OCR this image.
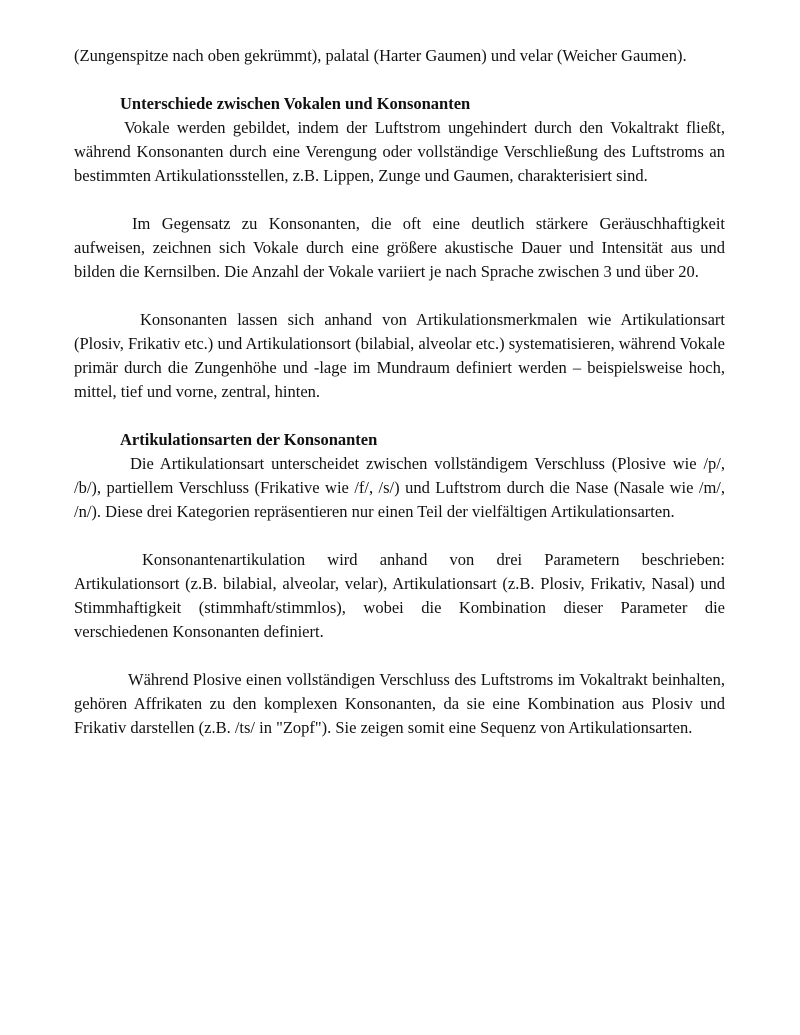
(Zungenspitze nach oben gekrümmt), palatal (Harter Gaumen) und velar (Weicher Gaumen).

Unterschiede zwischen Vokalen und Konsonanten

Vokale werden gebildet, indem der Luftstrom ungehindert durch den Vokaltrakt fließt, während Konsonanten durch eine Verengung oder vollständige Verschließung des Luftstroms an bestimmten Artikulationsstellen, z.B. Lippen, Zunge und Gaumen, charakterisiert sind.

Im Gegensatz zu Konsonanten, die oft eine deutlich stärkere Geräuschhaftigkeit aufweisen, zeichnen sich Vokale durch eine größere akustische Dauer und Intensität aus und bilden die Kernsilben. Die Anzahl der Vokale variiert je nach Sprache zwischen 3 und über 20.

Konsonanten lassen sich anhand von Artikulationsmerkmalen wie Artikulationsart (Plosiv, Frikativ etc.) und Artikulationsort (bilabial, alveolar etc.) systematisieren, während Vokale primär durch die Zungenhöhe und -lage im Mundraum definiert werden – beispielsweise hoch, mittel, tief und vorne, zentral, hinten.

Artikulationsarten der Konsonanten

Die Artikulationsart unterscheidet zwischen vollständigem Verschluss (Plosive wie /p/, /b/), partiellem Verschluss (Frikative wie /f/, /s/) und Luftstrom durch die Nase (Nasale wie /m/, /n/). Diese drei Kategorien repräsentieren nur einen Teil der vielfältigen Artikulationsarten.

Konsonantenartikulation wird anhand von drei Parametern beschrieben: Artikulationsort (z.B. bilabial, alveolar, velar), Artikulationsart (z.B. Plosiv, Frikativ, Nasal) und Stimmhaftigkeit (stimmhaft/stimmlos), wobei die Kombination dieser Parameter die verschiedenen Konsonanten definiert.

Während Plosive einen vollständigen Verschluss des Luftstroms im Vokaltrakt beinhalten, gehören Affrikaten zu den komplexen Konsonanten, da sie eine Kombination aus Plosiv und Frikativ darstellen (z.B. /ts/ in "Zopf"). Sie zeigen somit eine Sequenz von Artikulationsarten.
